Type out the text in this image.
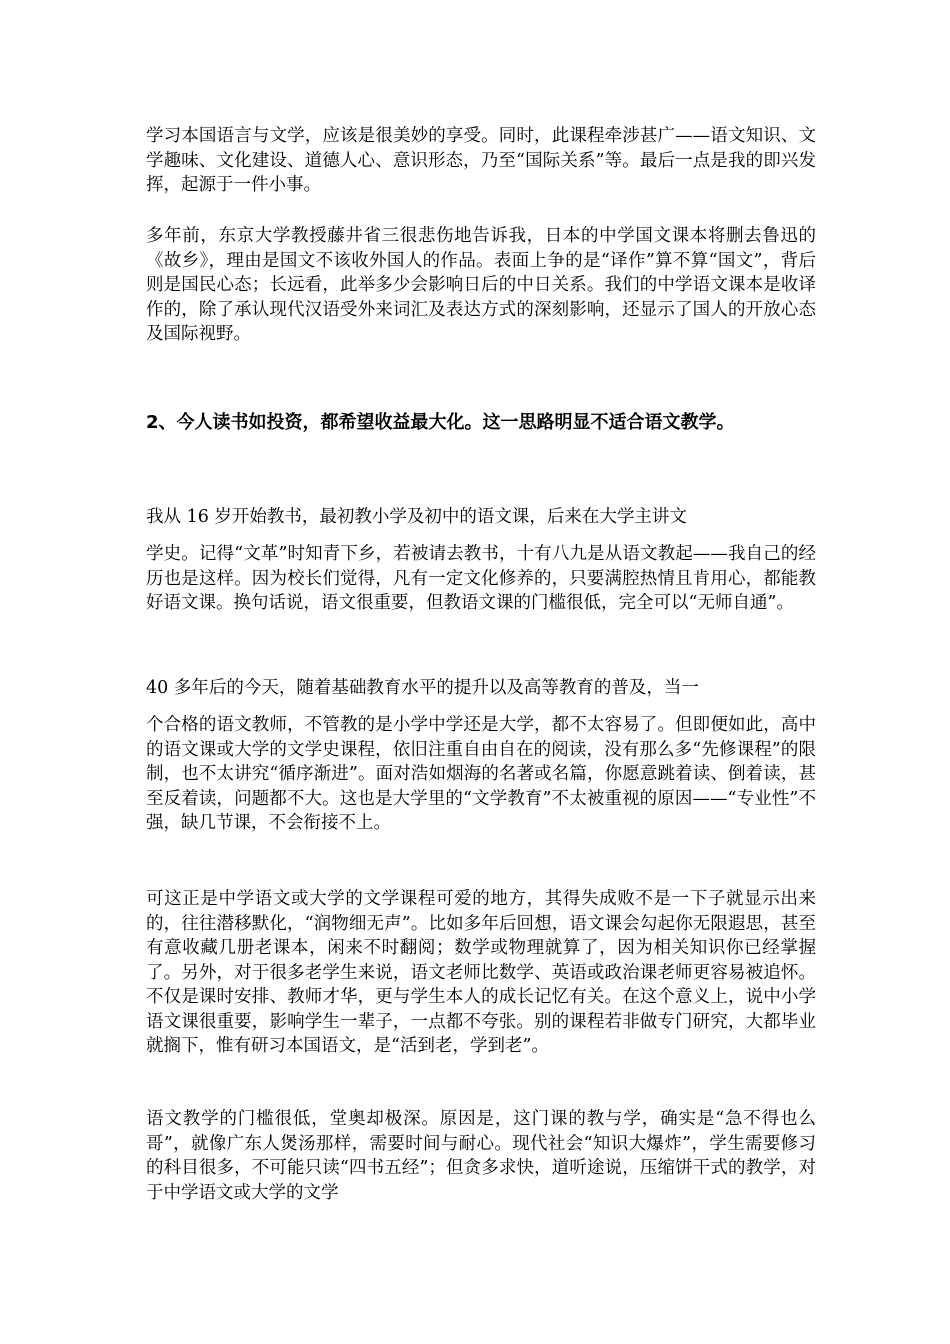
学习本国语言与文学，应该是很美妙的享受。同时，此课程牵涉甚广——语文知识、文学趣味、文化建设、道德人心、意识形态，乃至“国际关系”等。最后一点是我的即兴发挥，起源于一件小事。

多年前，东京大学教授藤井省三很悲伤地告诉我，日本的中学国文课本将删去鲁迅的《故乡》，理由是国文不该收外国人的作品。表面上争的是“译作”算不算“国文”，背后则是国民心态；长远看，此举多少会影响日后的中日关系。我们的中学语文课本是收译作的，除了承认现代汉语受外来词汇及表达方式的深刻影响，还显示了国人的开放心态及国际视野。

2、今人读书如投资，都希望收益最大化。这一思路明显不适合语文教学。

我从 16 岁开始教书，最初教小学及初中的语文课，后来在大学主讲文

学史。记得“文革”时知青下乡，若被请去教书，十有八九是从语文教起——我自己的经历也是这样。因为校长们觉得，凡有一定文化修养的，只要满腔热情且肯用心，都能教好语文课。换句话说，语文很重要，但教语文课的门槛很低，完全可以“无师自通”。

40 多年后的今天，随着基础教育水平的提升以及高等教育的普及，当一

个合格的语文教师，不管教的是小学中学还是大学，都不太容易了。但即便如此，高中的语文课或大学的文学史课程，依旧注重自由自在的阅读，没有那么多“先修课程”的限制，也不太讲究“循序渐进”。面对浩如烟海的名著或名篇，你愿意跳着读、倒着读，甚至反着读，问题都不大。这也是大学里的“文学教育”不太被重视的原因——“专业性”不强，缺几节课，不会衔接不上。

可这正是中学语文或大学的文学课程可爱的地方，其得失成败不是一下子就显示出来的，往往潜移默化，“润物细无声”。比如多年后回想，语文课会勾起你无限遐思，甚至有意收藏几册老课本，闲来不时翻阅；数学或物理就算了，因为相关知识你已经掌握了。另外，对于很多老学生来说，语文老师比数学、英语或政治课老师更容易被追怀。不仅是课时安排、教师才华，更与学生本人的成长记忆有关。在这个意义上，说中小学语文课很重要，影响学生一辈子，一点都不夸张。别的课程若非做专门研究，大都毕业就搁下，惟有研习本国语文，是“活到老，学到老”。

语文教学的门槛很低，堂奥却极深。原因是，这门课的教与学，确实是“急不得也么哥”，就像广东人煲汤那样，需要时间与耐心。现代社会“知识大爆炸”，学生需要修习的科目很多，不可能只读“四书五经”；但贪多求快，道听途说，压缩饼干式的教学，对于中学语文或大学的文学
